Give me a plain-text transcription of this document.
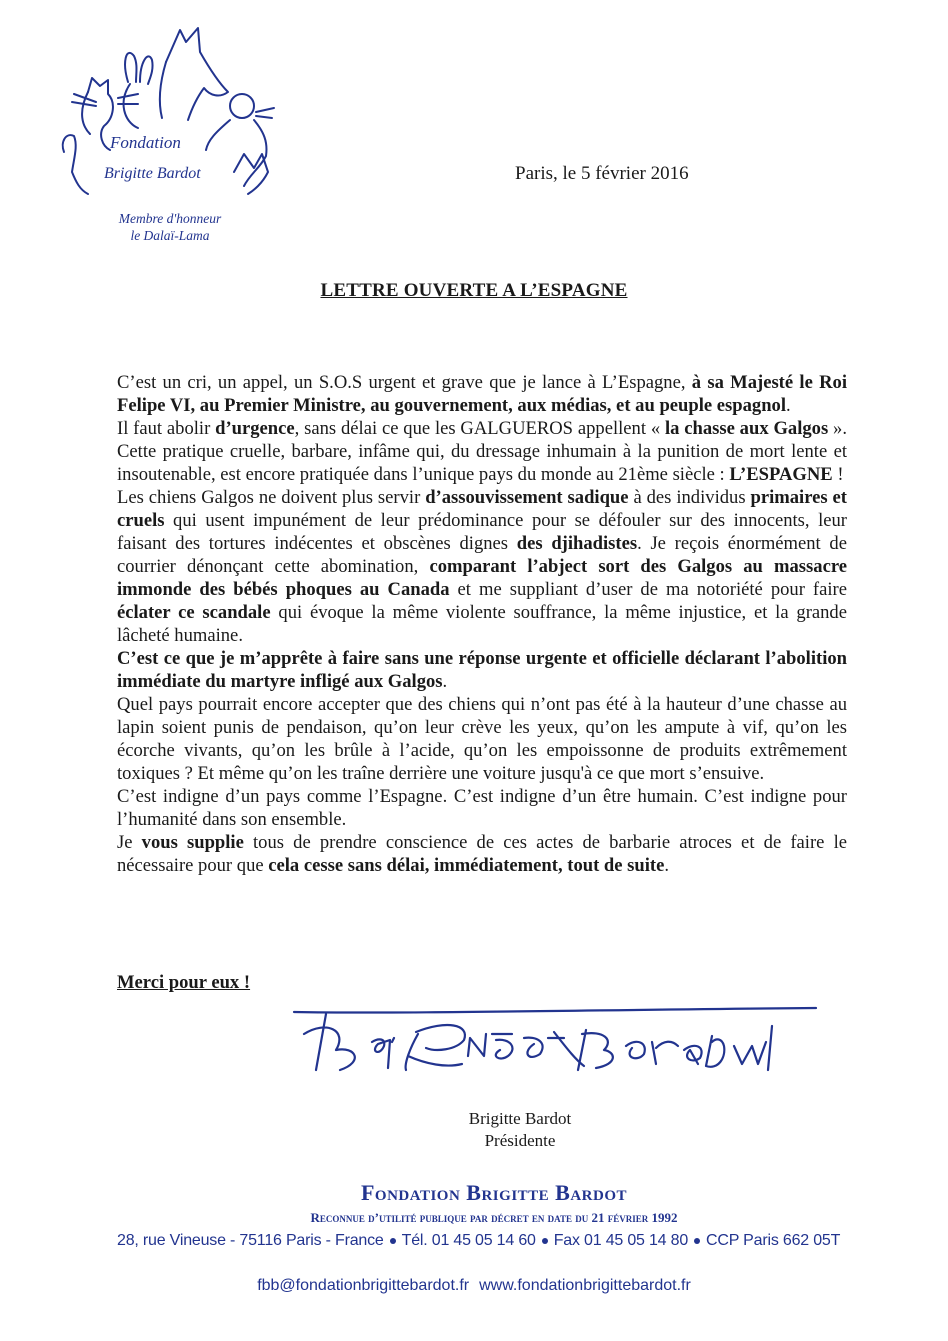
Fondation
Brigitte Bardot
Membre d'honneur
le Dalaï-Lama
Paris, le 5 février 2016
LETTRE OUVERTE A L’ESPAGNE

C’est un cri, un appel, un S.O.S urgent et grave que je lance à L’Espagne, à sa Majesté le Roi Felipe VI, au Premier Ministre, au gouvernement, aux médias, et au peuple espagnol.

Il faut abolir d’urgence, sans délai ce que les GALGUEROS appellent « la chasse aux Galgos ». Cette pratique cruelle, barbare, infâme qui, du dressage inhumain à la punition de mort lente et insoutenable, est encore pratiquée dans l’unique pays du monde au 21ème siècle : L’ESPAGNE !

Les chiens Galgos ne doivent plus servir d’assouvissement sadique à des individus primaires et cruels qui usent impunément de leur prédominance pour se défouler sur des innocents, leur faisant des tortures indécentes et obscènes dignes des djihadistes. Je reçois énormément de courrier dénonçant cette abomination, comparant l’abject sort des Galgos au massacre immonde des bébés phoques au Canada et me suppliant d’user de ma notoriété pour faire éclater ce scandale qui évoque la même violente souffrance, la même injustice, et la grande lâcheté humaine.

C’est ce que je m’apprête à faire sans une réponse urgente et officielle déclarant l’abolition immédiate du martyre infligé aux Galgos.

Quel pays pourrait encore accepter que des chiens qui n’ont pas été à la hauteur d’une chasse au lapin soient punis de pendaison, qu’on leur crève les yeux, qu’on les ampute à vif, qu’on les écorche vivants, qu’on les brûle à l’acide, qu’on les empoissonne de produits extrêmement toxiques ? Et même qu’on les traîne derrière une voiture jusqu'à ce que mort s’ensuive.

C’est indigne d’un pays comme l’Espagne. C’est indigne d’un être humain. C’est indigne pour l’humanité dans son ensemble.

Je vous supplie tous de prendre conscience de ces actes de barbarie atroces et de faire le nécessaire pour que cela cesse sans délai, immédiatement, tout de suite.

Merci pour eux !
Brigitte Bardot
Présidente
Fondation Brigitte Bardot
Reconnue d’utilité publique par décret en date du 21 février 1992
28, rue Vineuse - 75116 Paris - France Tél. 01 45 05 14 60 Fax 01 45 05 14 80 CCP Paris 662 05T
fbb@fondationbrigittebardot.fr www.fondationbrigittebardot.fr
